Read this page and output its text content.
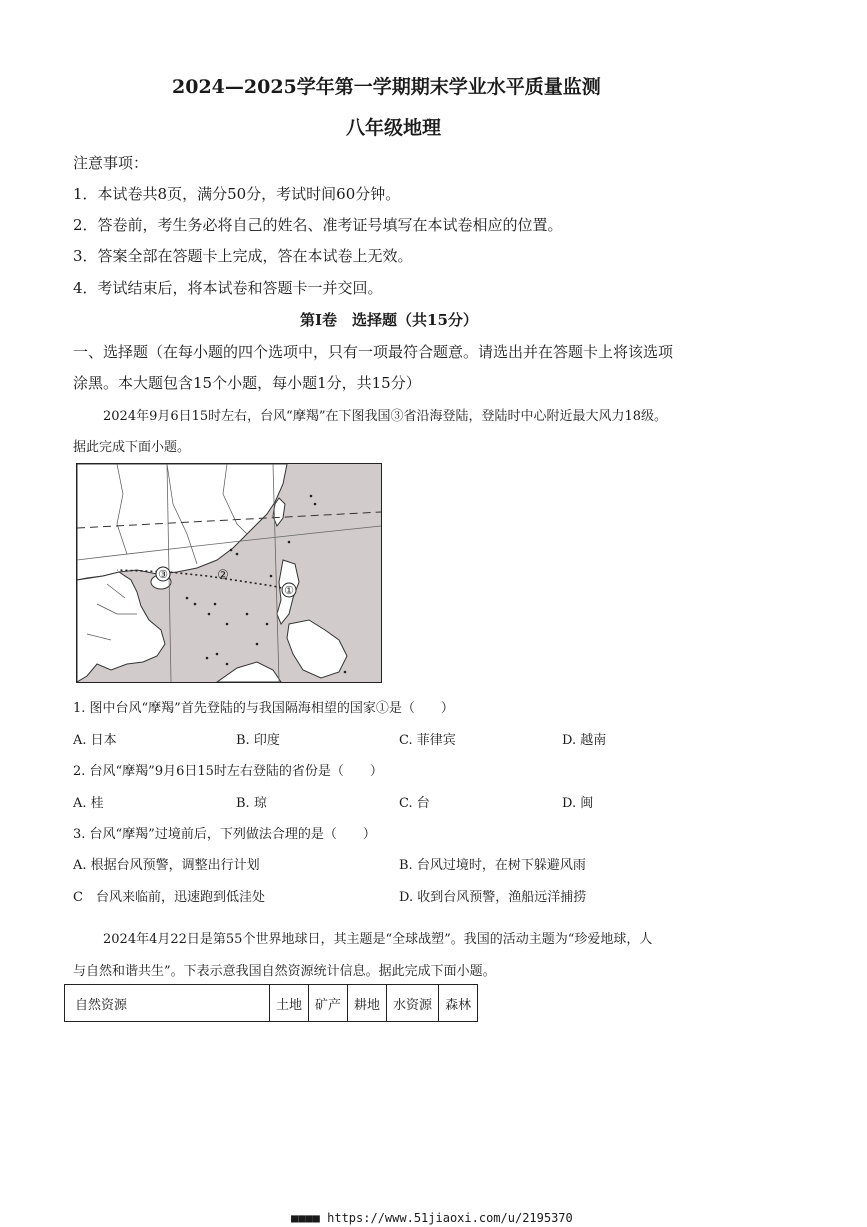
2024—2025学年第一学期期末学业水平质量监测
八年级地理
注意事项：
1．本试卷共8页，满分50分，考试时间60分钟。
2．答卷前，考生务必将自己的姓名、准考证号填写在本试卷相应的位置。
3．答案全部在答题卡上完成，答在本试卷上无效。
4．考试结束后，将本试卷和答题卡一并交回。
第Ⅰ卷　选择题（共15分）
一、选择题（在每小题的四个选项中，只有一项最符合题意。请选出并在答题卡上将该选项
涂黑。本大题包含15个小题，每小题1分，共15分）
2024年9月6日15时左右，台风“摩羯”在下图我国③省沿海登陆，登陆时中心附近最大风力18级。
据此完成下面小题。
①
②
③
1. 图中台风“摩羯”首先登陆的与我国隔海相望的国家①是（　　）
A. 日本	B. 印度	C. 菲律宾	D. 越南
2. 台风“摩羯”9月6日15时左右登陆的省份是（　　）
A. 桂	B. 琼	C. 台	D. 闽
3. 台风“摩羯”过境前后，下列做法合理的是（　　）
A. 根据台风预警，调整出行计划	B. 台风过境时，在树下躲避风雨
C　台风来临前，迅速跑到低洼处	D. 收到台风预警，渔船远洋捕捞
2024年4月22日是第55个世界地球日，其主题是“全球战塑”。我国的活动主题为“珍爱地球，人
与自然和谐共生”。下表示意我国自然资源统计信息。据此完成下面小题。
自然资源	土地	矿产	耕地	水资源	森林
■■■■ https://www.51jiaoxi.com/u/2195370
